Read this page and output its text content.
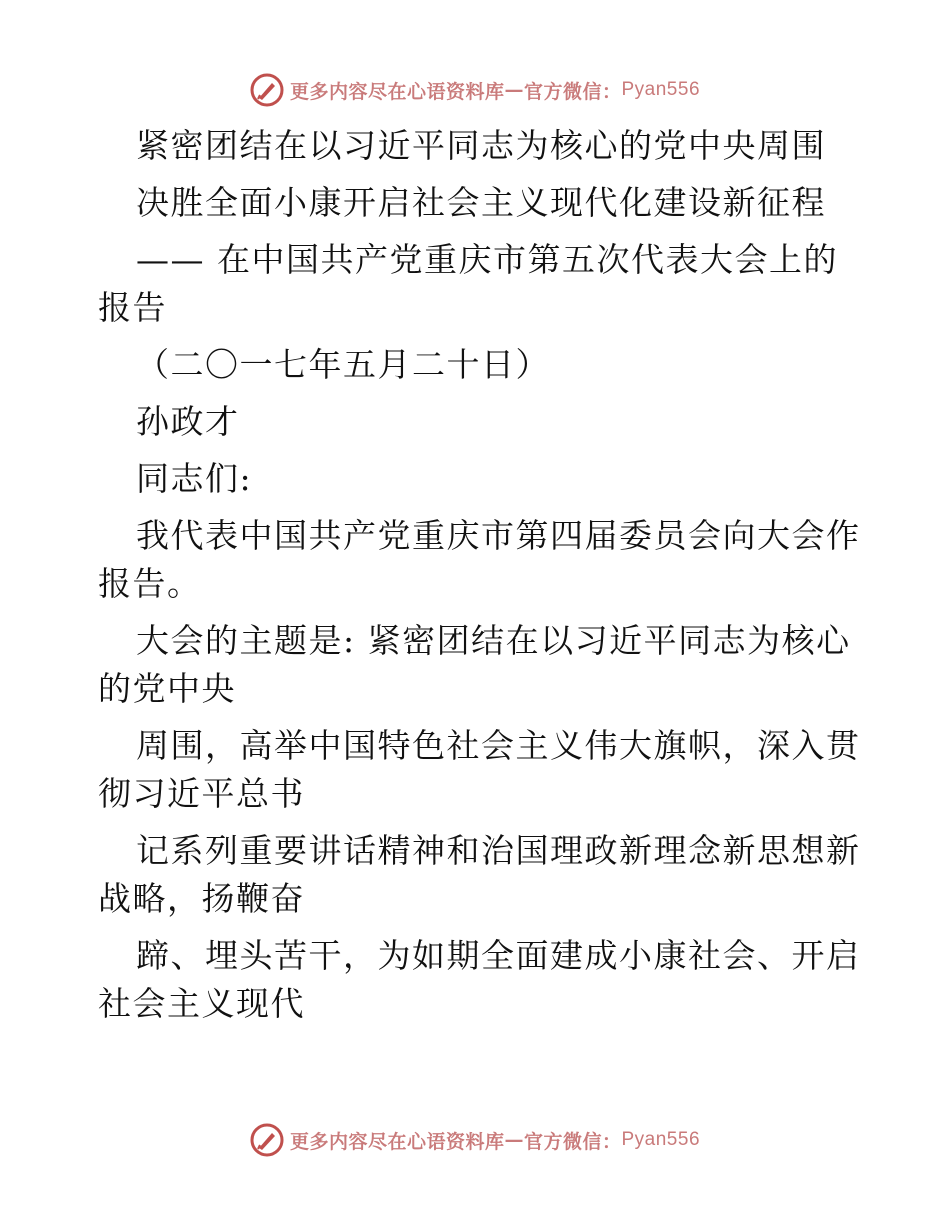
更多内容尽在心语资料库 — 官方微信： Pyan556
紧密团结在以习近平同志为核心的党中央周围
决胜全面小康开启社会主义现代化建设新征程
—— 在中国共产党重庆市第五次代表大会上的
报告
（二〇一七年五月二十日）
孙政才
同志们:
我代表中国共产党重庆市第四届委员会向大会作
报告。
大会的主题是: 紧密团结在以习近平同志为核心
的党中央
周围，高举中国特色社会主义伟大旗帜，深入贯
彻习近平总书
记系列重要讲话精神和治国理政新理念新思想新
战略，扬鞭奋
蹄、埋头苦干，为如期全面建成小康社会、开启
社会主义现代
更多内容尽在心语资料库 — 官方微信： Pyan556
